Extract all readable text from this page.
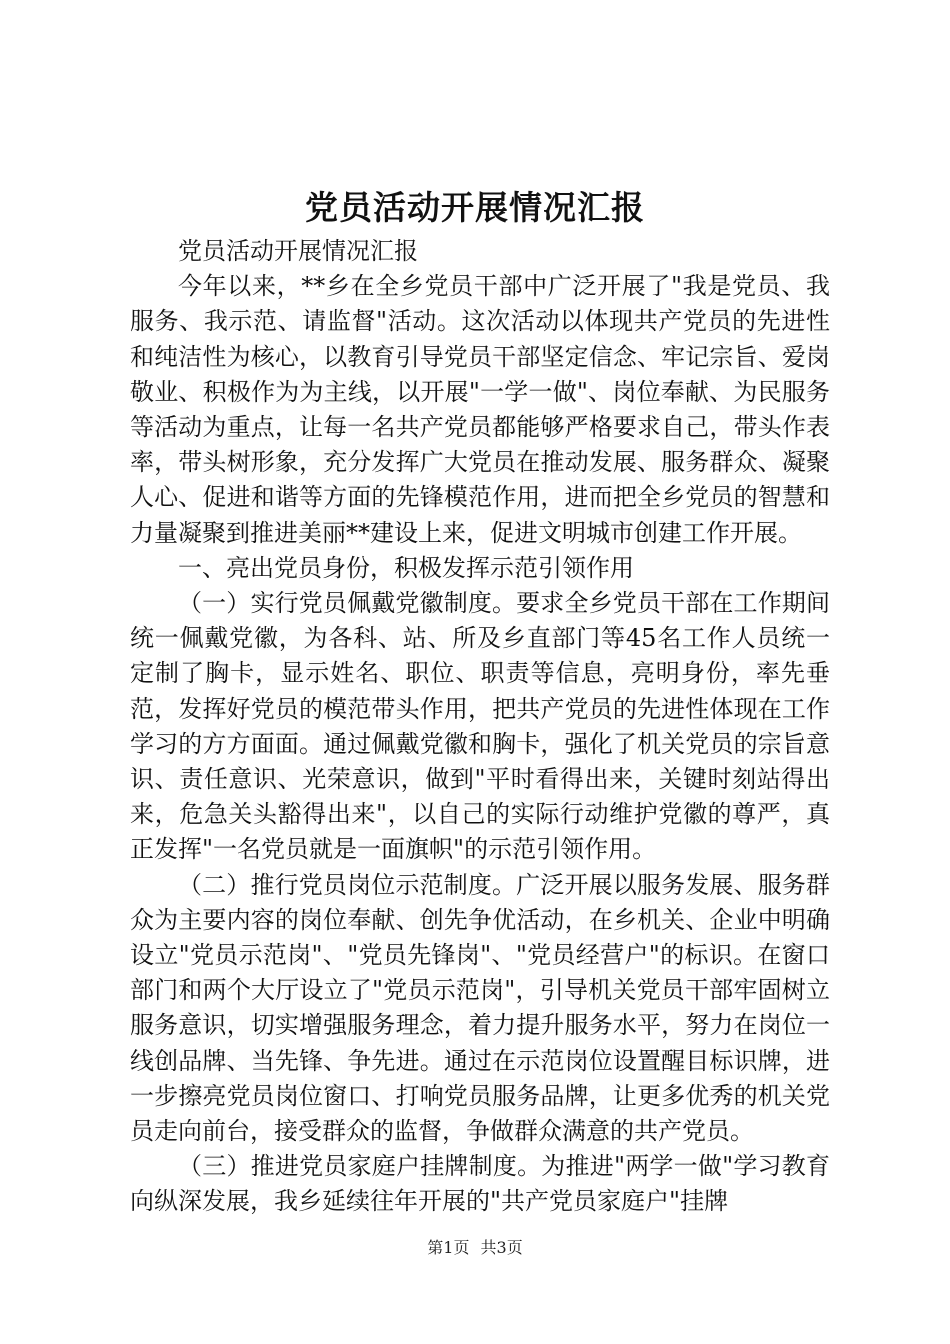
党员活动开展情况汇报

党员活动开展情况汇报

今年以来，**乡在全乡党员干部中广泛开展了"我是党员、我服务、我示范、请监督"活动。这次活动以体现共产党员的先进性和纯洁性为核心，以教育引导党员干部坚定信念、牢记宗旨、爱岗敬业、积极作为为主线，以开展"一学一做"、岗位奉献、为民服务等活动为重点，让每一名共产党员都能够严格要求自己，带头作表率，带头树形象，充分发挥广大党员在推动发展、服务群众、凝聚人心、促进和谐等方面的先锋模范作用，进而把全乡党员的智慧和力量凝聚到推进美丽**建设上来，促进文明城市创建工作开展。

一、亮出党员身份，积极发挥示范引领作用

（一）实行党员佩戴党徽制度。要求全乡党员干部在工作期间统一佩戴党徽，为各科、站、所及乡直部门等45名工作人员统一定制了胸卡，显示姓名、职位、职责等信息，亮明身份，率先垂范，发挥好党员的模范带头作用，把共产党员的先进性体现在工作学习的方方面面。通过佩戴党徽和胸卡，强化了机关党员的宗旨意识、责任意识、光荣意识，做到"平时看得出来，关键时刻站得出来，危急关头豁得出来"，以自己的实际行动维护党徽的尊严，真正发挥"一名党员就是一面旗帜"的示范引领作用。

（二）推行党员岗位示范制度。广泛开展以服务发展、服务群众为主要内容的岗位奉献、创先争优活动，在乡机关、企业中明确设立"党员示范岗"、"党员先锋岗"、"党员经营户"的标识。在窗口部门和两个大厅设立了"党员示范岗"，引导机关党员干部牢固树立服务意识，切实增强服务理念，着力提升服务水平，努力在岗位一线创品牌、当先锋、争先进。通过在示范岗位设置醒目标识牌，进一步擦亮党员岗位窗口、打响党员服务品牌，让更多优秀的机关党员走向前台，接受群众的监督，争做群众满意的共产党员。

（三）推进党员家庭户挂牌制度。为推进"两学一做"学习教育向纵深发展，我乡延续往年开展的"共产党员家庭户"挂牌

第1页 共3页
